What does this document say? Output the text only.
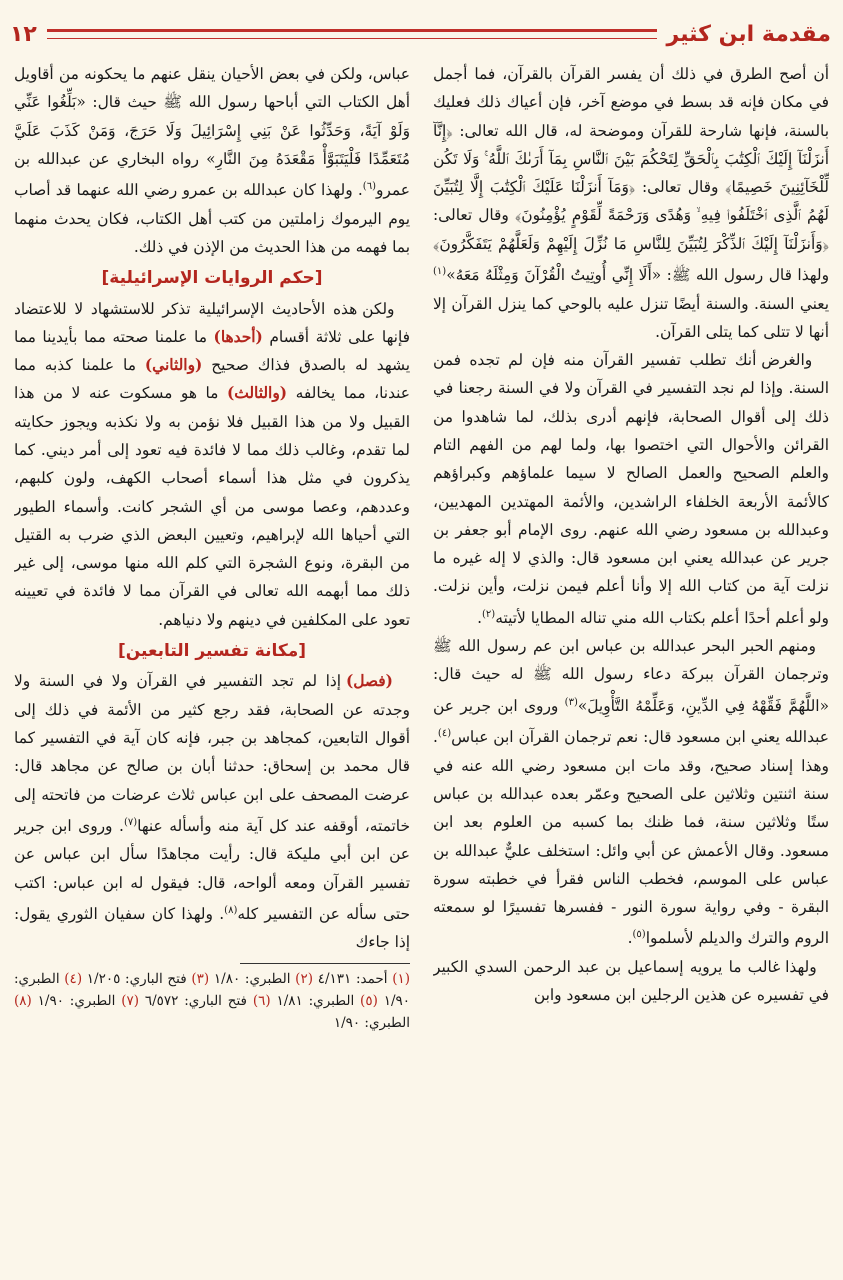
مقدمة ابن كثير
١٢

أن أصح الطرق في ذلك أن يفسر القرآن بالقرآن، فما أجمل في مكان فإنه قد بسط في موضع آخر، فإن أعياك ذلك فعليك بالسنة، فإنها شارحة للقرآن وموضحة له، قال الله تعالى: ﴿إِنَّآ أَنزَلْنَآ إِلَيْكَ ٱلْكِتَٰبَ بِٱلْحَقِّ لِتَحْكُمَ بَيْنَ ٱلنَّاسِ بِمَآ أَرَىٰكَ ٱللَّهُ ۚ وَلَا تَكُن لِّلْخَآئِنِينَ خَصِيمًا﴾ وقال تعالى: ﴿وَمَآ أَنزَلْنَا عَلَيْكَ ٱلْكِتَٰبَ إِلَّا لِتُبَيِّنَ لَهُمُ ٱلَّذِى ٱخْتَلَفُوا۟ فِيهِ ۙ وَهُدًى وَرَحْمَةً لِّقَوْمٍ يُؤْمِنُونَ﴾ وقال تعالى: ﴿وَأَنزَلْنَآ إِلَيْكَ ٱلذِّكْرَ لِتُبَيِّنَ لِلنَّاسِ مَا نُزِّلَ إِلَيْهِمْ وَلَعَلَّهُمْ يَتَفَكَّرُونَ﴾ ولهذا قال رسول الله ﷺ: «أَلَا إِنِّي أُوتِيتُ الْقُرْآنَ وَمِثْلَهُ مَعَهُ»$^{(١)}$ يعني السنة. والسنة أيضًا تنزل عليه بالوحي كما ينزل القرآن إلا أنها لا تتلى كما يتلى القرآن.

والغرض أنك تطلب تفسير القرآن منه فإن لم تجده فمن السنة. وإذا لم نجد التفسير في القرآن ولا في السنة رجعنا في ذلك إلى أقوال الصحابة، فإنهم أدرى بذلك، لما شاهدوا من القرائن والأحوال التي اختصوا بها، ولما لهم من الفهم التام والعلم الصحيح والعمل الصالح لا سيما علماؤهم وكبراؤهم كالأئمة الأربعة الخلفاء الراشدين، والأئمة المهتدين المهديين، وعبدالله بن مسعود رضي الله عنهم. روى الإمام أبو جعفر بن جرير عن عبدالله يعني ابن مسعود قال: والذي لا إله غيره ما نزلت آية من كتاب الله إلا وأنا أعلم فيمن نزلت، وأين نزلت. ولو أعلم أحدًا أعلم بكتاب الله مني تناله المطايا لأتيته$^{(٢)}$.

ومنهم الحبر البحر عبدالله بن عباس ابن عم رسول الله ﷺ وترجمان القرآن ببركة دعاء رسول الله ﷺ له حيث قال: «اللَّهُمَّ فَقِّهْهُ فِي الدِّينِ، وَعَلِّمْهُ التَّأْوِيلَ»$^{(٣)}$ وروى ابن جرير عن عبدالله يعني ابن مسعود قال: نعم ترجمان القرآن ابن عباس$^{(٤)}$. وهذا إسناد صحيح، وقد مات ابن مسعود رضي الله عنه في سنة اثنتين وثلاثين على الصحيح وعمّر بعده عبدالله بن عباس ستًا وثلاثين سنة، فما ظنك بما كسبه من العلوم بعد ابن مسعود. وقال الأعمش عن أبي وائل: استخلف عليٌّ عبدالله بن عباس على الموسم، فخطب الناس فقرأ في خطبته سورة البقرة - وفي رواية سورة النور - ففسرها تفسيرًا لو سمعته الروم والترك والديلم لأسلموا$^{(٥)}$.

ولهذا غالب ما يرويه إسماعيل بن عبد الرحمن السدي الكبير في تفسيره عن هذين الرجلين ابن مسعود وابن

عباس، ولكن في بعض الأحيان ينقل عنهم ما يحكونه من أقاويل أهل الكتاب التي أباحها رسول الله ﷺ حيث قال: «بَلِّغُوا عَنِّي وَلَوْ آيَةً، وَحَدِّثُوا عَنْ بَنِي إِسْرَائِيلَ وَلَا حَرَجَ، وَمَنْ كَذَبَ عَلَيَّ مُتَعَمِّدًا فَلْيَتَبَوَّأْ مَقْعَدَهُ مِنَ النَّارِ» رواه البخاري عن عبدالله بن عمرو$^{(٦)}$. ولهذا كان عبدالله بن عمرو رضي الله عنهما قد أصاب يوم اليرموك زاملتين من كتب أهل الكتاب، فكان يحدث منهما بما فهمه من هذا الحديث من الإذن في ذلك.

[حكم الروايات الإسرائيلية]

ولكن هذه الأحاديث الإسرائيلية تذكر للاستشهاد لا للاعتضاد فإنها على ثلاثة أقسام (أحدها) ما علمنا صحته مما بأيدينا مما يشهد له بالصدق فذاك صحيح (والثاني) ما علمنا كذبه مما عندنا، مما يخالفه (والثالث) ما هو مسكوت عنه لا من هذا القبيل ولا من هذا القبيل فلا نؤمن به ولا نكذبه ويجوز حكايته لما تقدم، وغالب ذلك مما لا فائدة فيه تعود إلى أمر ديني. كما يذكرون في مثل هذا أسماء أصحاب الكهف، ولون كلبهم، وعددهم، وعصا موسى من أي الشجر كانت. وأسماء الطيور التي أحياها الله لإبراهيم، وتعيين البعض الذي ضرب به القتيل من البقرة، ونوع الشجرة التي كلم الله منها موسى، إلى غير ذلك مما أبهمه الله تعالى في القرآن مما لا فائدة في تعيينه تعود على المكلفين في دينهم ولا دنياهم.

[مكانة تفسير التابعين]

(فصل) إذا لم تجد التفسير في القرآن ولا في السنة ولا وجدته عن الصحابة، فقد رجع كثير من الأئمة في ذلك إلى أقوال التابعين، كمجاهد بن جبر، فإنه كان آية في التفسير كما قال محمد بن إسحاق: حدثنا أبان بن صالح عن مجاهد قال: عرضت المصحف على ابن عباس ثلاث عرضات من فاتحته إلى خاتمته، أوقفه عند كل آية منه وأسأله عنها$^{(٧)}$. وروى ابن جرير عن ابن أبي مليكة قال: رأيت مجاهدًا سأل ابن عباس عن تفسير القرآن ومعه ألواحه، قال: فيقول له ابن عباس: اكتب حتى سأله عن التفسير كله$^{(٨)}$. ولهذا كان سفيان الثوري يقول: إذا جاءك

(١) أحمد: ٤/١٣١ (٢) الطبري: ١/٨٠ (٣) فتح الباري: ١/٢٠٥ (٤) الطبري: ١/٩٠ (٥) الطبري: ١/٨١ (٦) فتح الباري: ٦/٥٧٢ (٧) الطبري: ١/٩٠ (٨) الطبري: ١/٩٠
